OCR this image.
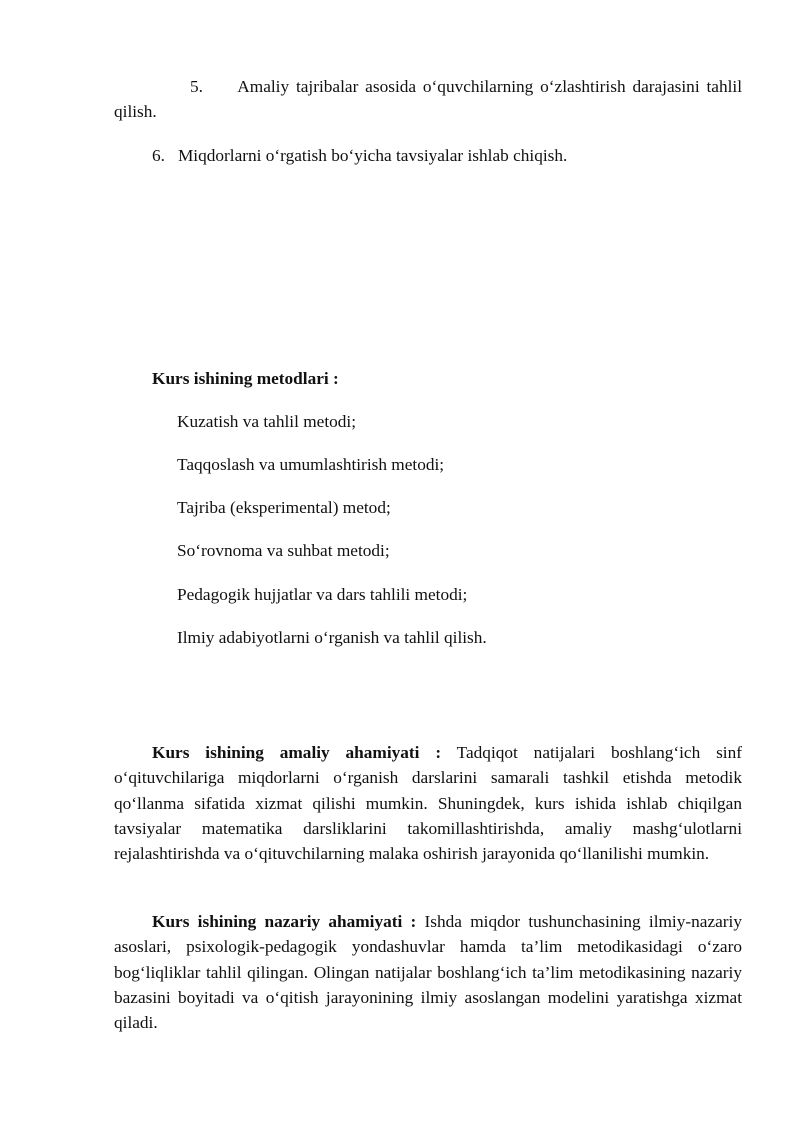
5. Amaliy tajribalar asosida o‘quvchilarning o‘zlashtirish darajasini tahlil qilish.

6. Miqdorlarni o‘rgatish bo‘yicha tavsiyalar ishlab chiqish.

Kurs ishining metodlari :
Kuzatish va tahlil metodi;
Taqqoslash va umumlashtirish metodi;
Tajriba (eksperimental) metod;
So‘rovnoma va suhbat metodi;
Pedagogik hujjatlar va dars tahlili metodi;
Ilmiy adabiyotlarni o‘rganish va tahlil qilish.

Kurs ishining amaliy ahamiyati : Tadqiqot natijalari boshlang‘ich sinf o‘qituvchilariga miqdorlarni o‘rganish darslarini samarali tashkil etishda metodik qo‘llanma sifatida xizmat qilishi mumkin. Shuningdek, kurs ishida ishlab chiqilgan tavsiyalar matematika darsliklarini takomillashtirishda, amaliy mashg‘ulotlarni rejalashtirishda va o‘qituvchilarning malaka oshirish jarayonida qo‘llanilishi mumkin.

Kurs ishining nazariy ahamiyati : Ishda miqdor tushunchasining ilmiy-nazariy asoslari, psixologik-pedagogik yondashuvlar hamda ta’lim metodikasidagi o‘zaro bog‘liqliklar tahlil qilingan. Olingan natijalar boshlang‘ich ta’lim metodikasining nazariy bazasini boyitadi va o‘qitish jarayonining ilmiy asoslangan modelini yaratishga xizmat qiladi.
